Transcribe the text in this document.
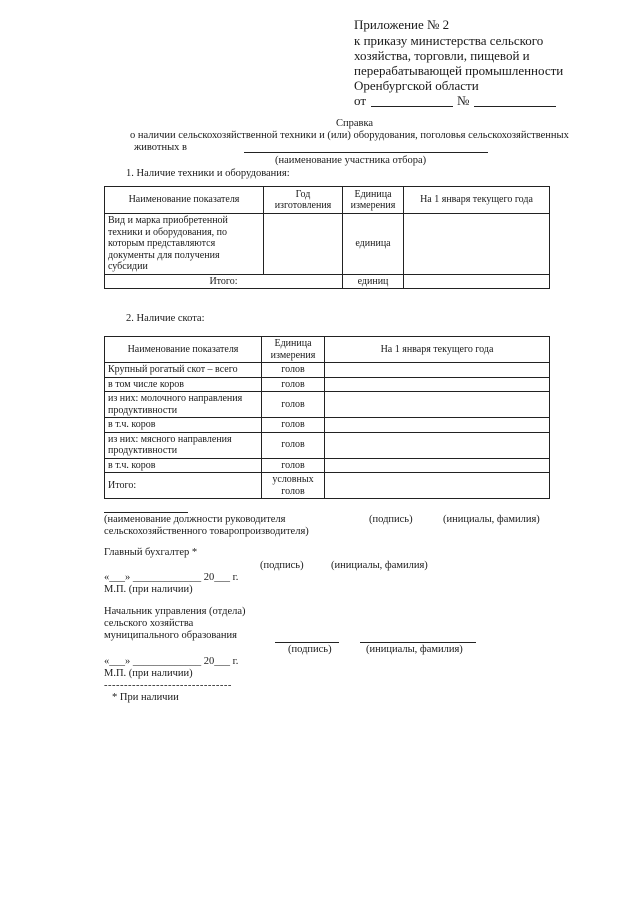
Приложение № 2
к приказу министерства сельского
хозяйства, торговли, пищевой и
перерабатывающей промышленности
Оренбургской области
от	№
Справка
о наличии сельскохозяйственной техники и (или) оборудования, поголовья сельскохозяйственных
животных в
(наименование участника отбора)
1. Наличие техники и оборудования:
Наименование показателя	Год изготовления	Единица измерения	На 1 января текущего года

Вид и марка приобретенной
техники и оборудования, по
которым представляются
документы для получения
субсидии		единица	
Итого:		единиц	
2. Наличие скота:
Наименование показателя	Единица измерения	На 1 января текущего года
Крупный рогатый скот – всего	голов	
в том числе коров	голов	
из них: молочного направления продуктивности	голов	
в т.ч. коров	голов	
из них: мясного направления продуктивности	голов	
в т.ч. коров	голов	
Итого:	условных голов	
(наименование должности руководителя
сельскохозяйственного товаропроизводителя)
(подпись)	(инициалы, фамилия)
Главный бухгалтер *
(подпись)	(инициалы, фамилия)
«___» _____________ 20___ г.
М.П. (при наличии)
Начальник управления (отдела)
сельского хозяйства
муниципального образования
(подпись)	(инициалы, фамилия)
«___» _____________ 20___ г.
М.П. (при наличии)
--------------------------------
* При наличии
